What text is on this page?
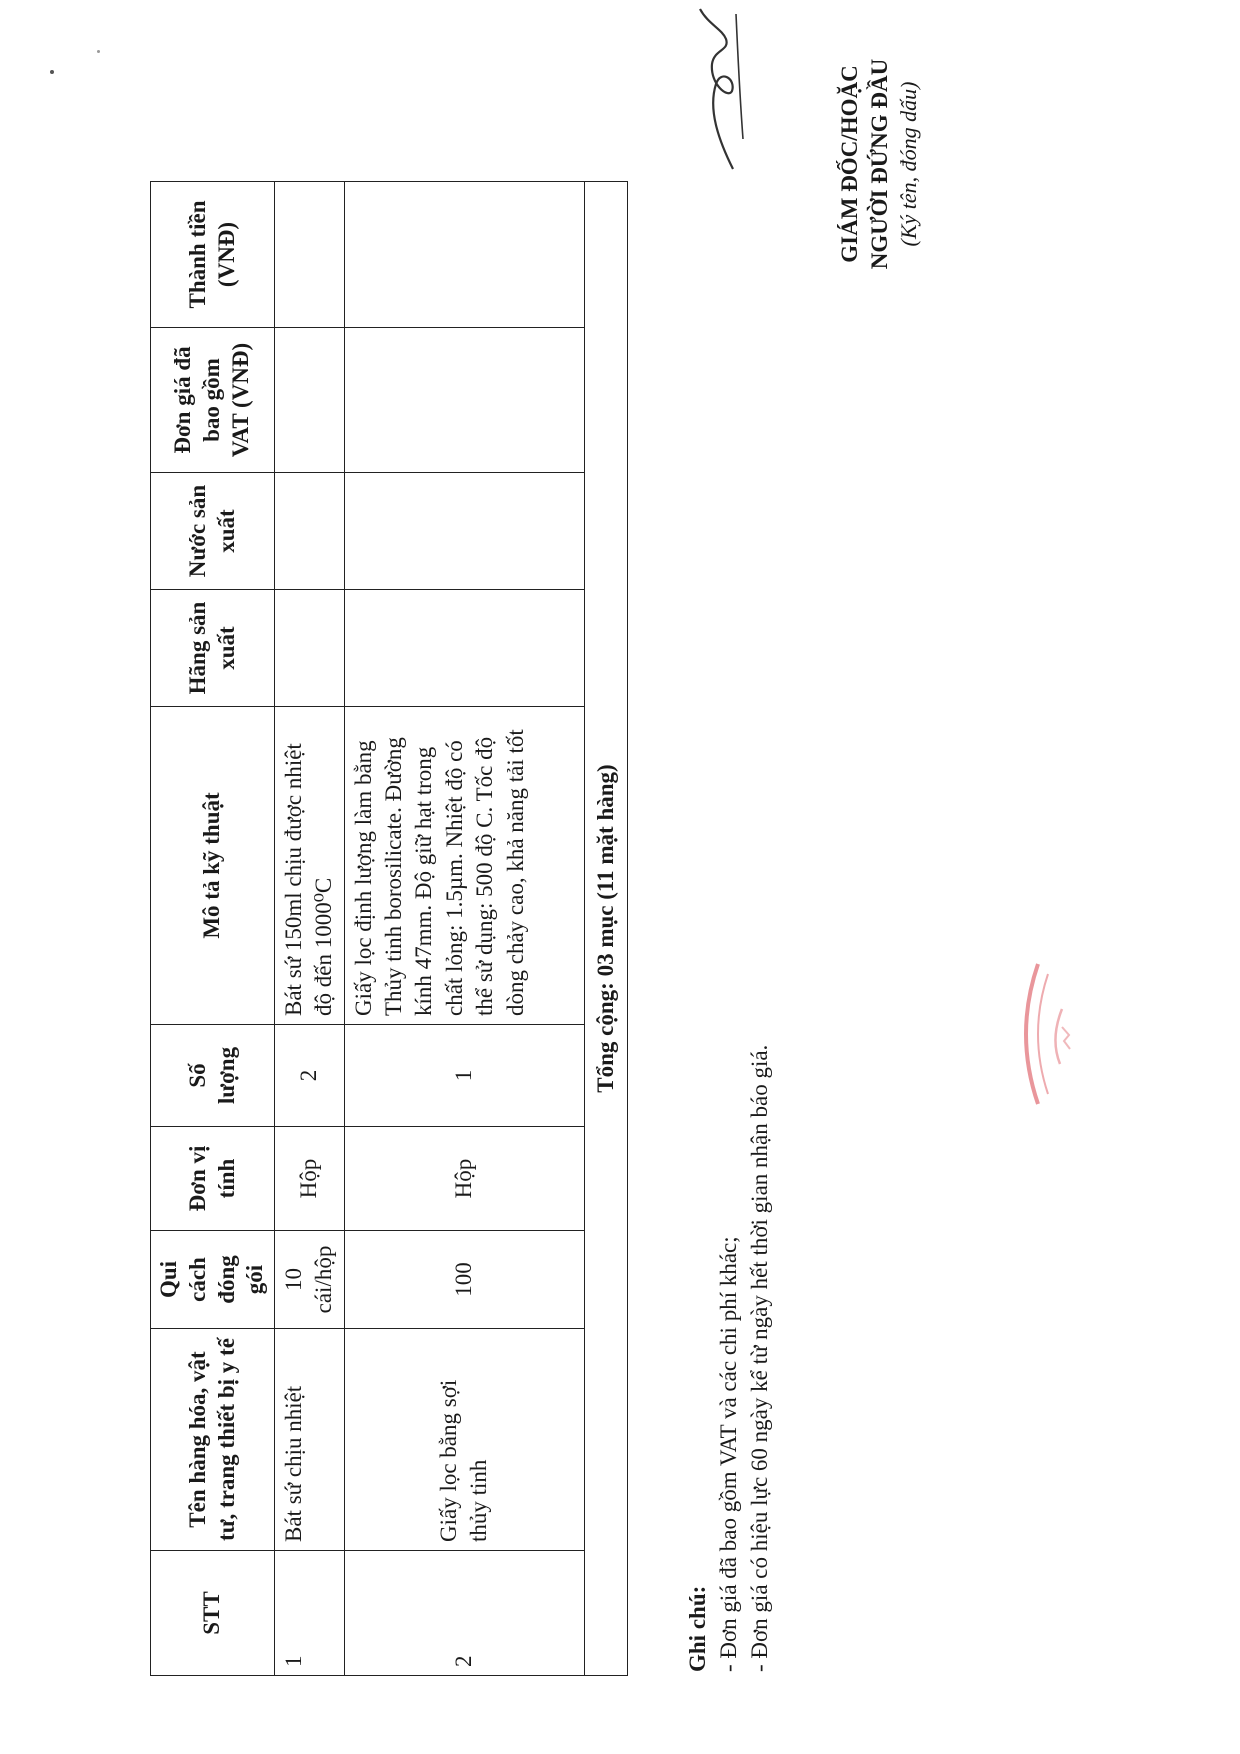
STT	Tên hàng hóa, vật tư, trang thiết bị y tế	Qui cách đóng gói	Đơn vị tính	Số lượng	Mô tả kỹ thuật	Hãng sản xuất	Nước sản xuất	Đơn giá đã bao gồm VAT (VNĐ)	Thành tiền (VNĐ)
1	Bát sứ chịu nhiệt	10 cái/hộp	Hộp	2	Bát sứ 150ml chịu được nhiệt độ đến 1000⁰C				
2	Giấy lọc bằng sợi thủy tinh	100	Hộp	1	Giấy lọc định lượng làm bằng Thủy tinh borosilicate. Đường kính 47mm. Độ giữ hạt trong chất lỏng: 1.5µm. Nhiệt độ có thể sử dụng: 500 độ C. Tốc độ dòng chảy cao, khả năng tải tốt				
Tổng cộng: 03 mục (11 mặt hàng)									
Ghi chú: - Đơn giá đã bao gồm VAT và các chi phí khác; - Đơn giá có hiệu lực 60 ngày kể từ ngày hết thời gian nhận báo giá.
GIÁM ĐỐC/HOẶC NGƯỜI ĐỨNG ĐẦU (Ký tên, đóng dấu)
